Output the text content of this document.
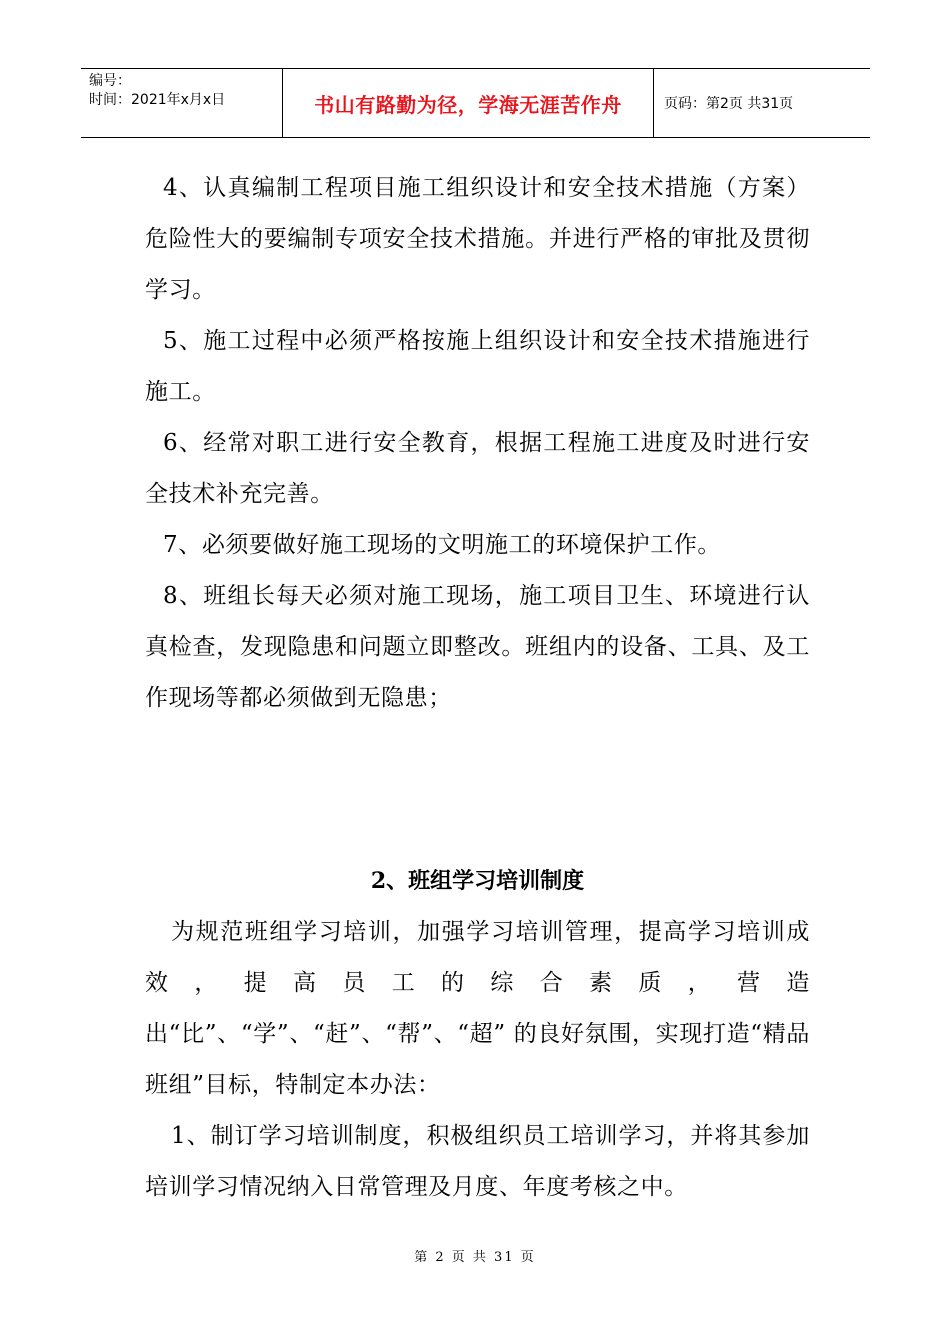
编号：
时间：2021年x月x日	书山有路勤为径，学海无涯苦作舟	页码：第2页 共31页

4、认真编制工程项目施工组织设计和安全技术措施（方案）危险性大的要编制专项安全技术措施。并进行严格的审批及贯彻学习。

5、施工过程中必须严格按施上组织设计和安全技术措施进行施工。

6、经常对职工进行安全教育，根据工程施工进度及时进行安全技术补充完善。

7、必须要做好施工现场的文明施工的环境保护工作。

8、班组长每天必须对施工现场，施工项目卫生、环境进行认真检查，发现隐患和问题立即整改。班组内的设备、工具、及工作现场等都必须做到无隐患；

2、班组学习培训制度

为规范班组学习培训，加强学习培训管理，提高学习培训成效，提高员工的综合素质，营造出“比”、“学”、“赶”、“帮”、“超” 的良好氛围，实现打造“精品班组”目标，特制定本办法：

1、制订学习培训制度，积极组织员工培训学习，并将其参加培训学习情况纳入日常管理及月度、年度考核之中。

第 2 页 共 31 页
